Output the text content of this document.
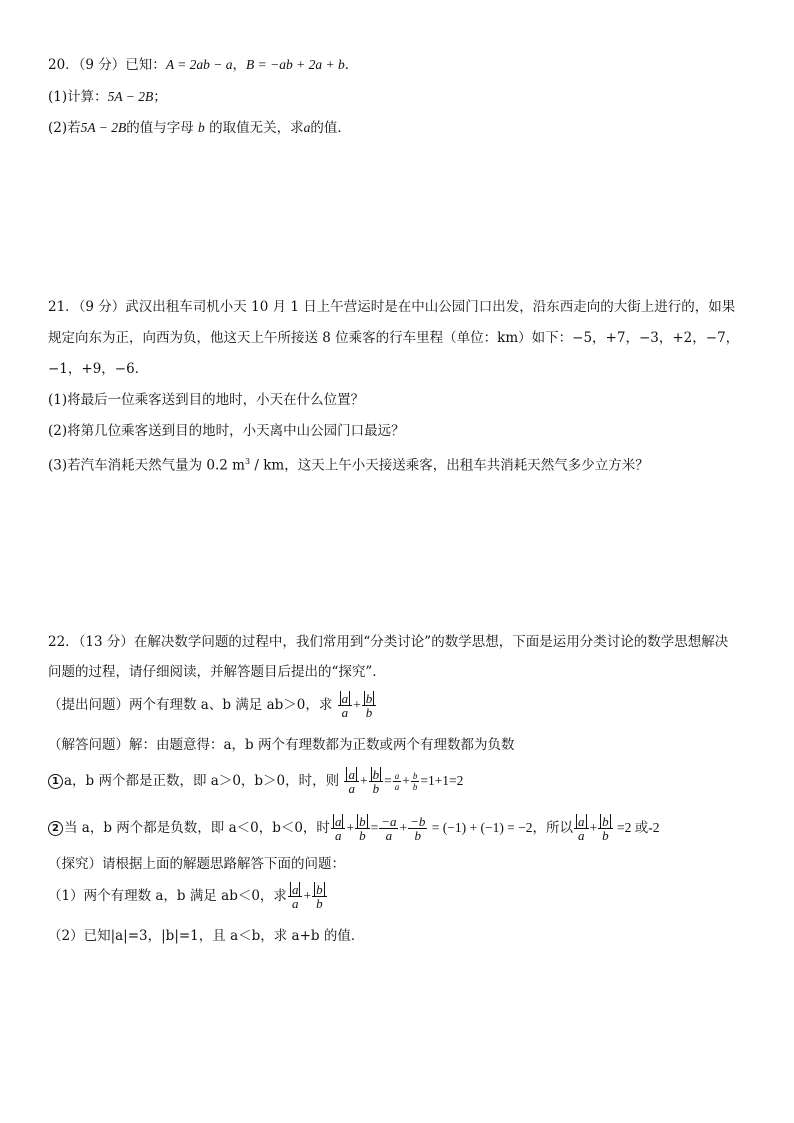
20．（9 分）已知：A = 2ab − a，B = −ab + 2a + b．
(1)计算：5A − 2B；
(2)若5A − 2B的值与字母 b 的取值无关，求a的值．
21．（9 分）武汉出租车司机小天 10 月 1 日上午营运时是在中山公园门口出发，沿东西走向的大街上进行的，如果
规定向东为正，向西为负，他这天上午所接送 8 位乘客的行车里程（单位：km）如下：−5，+7，−3，+2，−7，
−1，+9，−6．
(1)将最后一位乘客送到目的地时，小天在什么位置？
(2)将第几位乘客送到目的地时，小天离中山公园门口最远？
(3)若汽车消耗天然气量为 0.2 $m^3$ / km，这天上午小天接送乘客，出租车共消耗天然气多少立方米？
22．（13 分）在解决数学问题的过程中，我们常用到“分类讨论”的数学思想，下面是运用分类讨论的数学思想解决
问题的过程，请仔细阅读，并解答题目后提出的“探究”.
（提出问题）两个有理数 a、b 满足 ab＞0，求 $\frac{a}{a} + \frac{b}{b}$
（解答问题）解：由题意得：a，b 两个有理数都为正数或两个有理数都为负数
1 a，b 两个都是正数，即 a＞0，b＞0，时，则 $\frac{a}{a} + \frac{b}{b} = \frac{a}{a} + \frac{b}{b} =1+1=2$
2 当 a，b 两个都是负数，即 a＜0，b＜0，时 $\frac{a}{a} + \frac{b}{b} = \frac{-a}{a} + \frac{-b}{b} = (-1) + (-1) = -2$，所以 $\frac{a}{a} + \frac{b}{b} =2$ 或-2
（探究）请根据上面的解题思路解答下面的问题：
（1）两个有理数 a，b 满足 ab＜0，求 $\frac{a}{a} + \frac{b}{b}$
（2）已知|a|=3，|b|=1，且 a＜b，求 a+b 的值．
